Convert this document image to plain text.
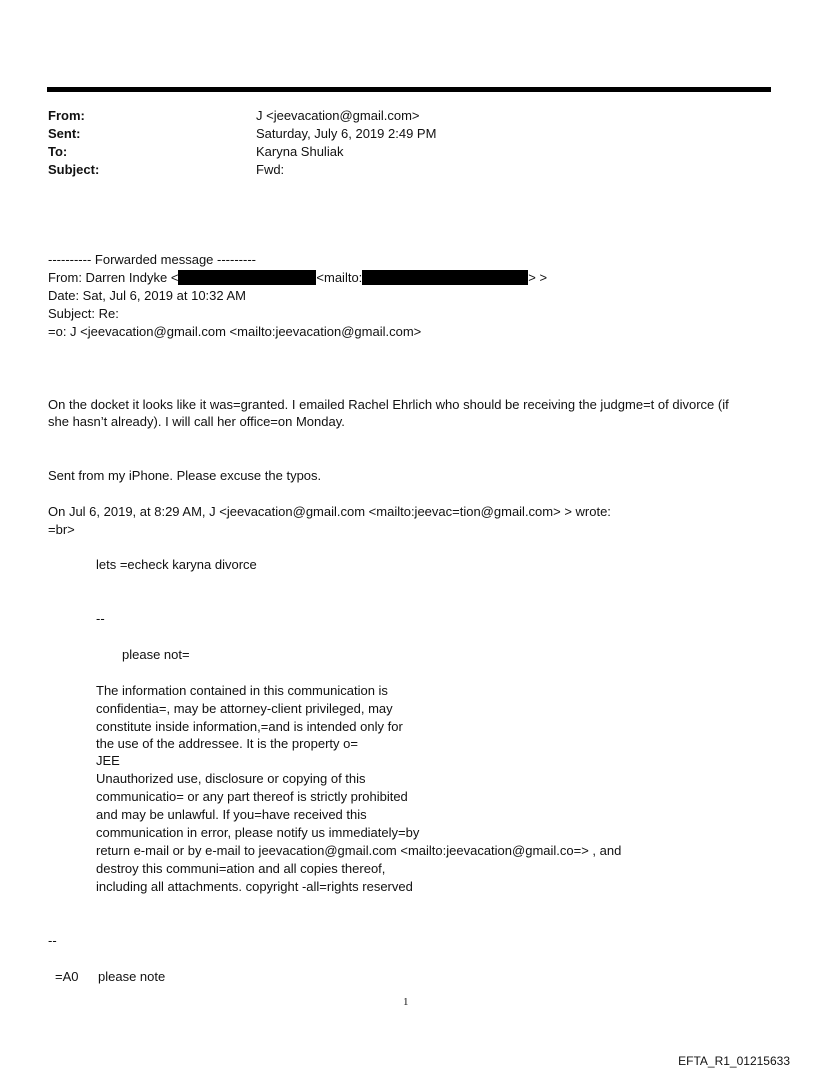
From:	J <jeevacation@gmail.com>
Sent:	Saturday, July 6, 2019 2:49 PM
To:	Karyna Shuliak
Subject:	Fwd:
---------- Forwarded message ---------
From: Darren Indyke <	<mailto:	> >
Date: Sat, Jul 6, 2019 at 10:32 AM
Subject: Re:
=o: J <jeevacation@gmail.com <mailto:jeevacation@gmail.com>
On the docket it looks like it was=granted. I emailed Rachel Ehrlich who should be receiving the judgme=t of divorce (if
she hasn’t already). I will call her office=on Monday.
Sent from my iPhone. Please excuse the typos.
On Jul 6, 2019, at 8:29 AM, J <jeevacation@gmail.com <mailto:jeevac=tion@gmail.com> > wrote:
=br>
lets =echeck karyna divorce
--
please not=
The information contained in this communication is
confidentia=, may be attorney-client privileged, may
constitute inside information,=and is intended only for
the use of the addressee. It is the property o=
JEE
Unauthorized use, disclosure or copying of this
communicatio= or any part thereof is strictly prohibited
and may be unlawful. If you=have received this
communication in error, please notify us immediately=by
return e-mail or by e-mail to jeevacation@gmail.com <mailto:jeevacation@gmail.co=> , and
destroy this communi=ation and all copies thereof,
including all attachments. copyright -all=rights reserved
--
=A0 please note
1
EFTA_R1_01215633
